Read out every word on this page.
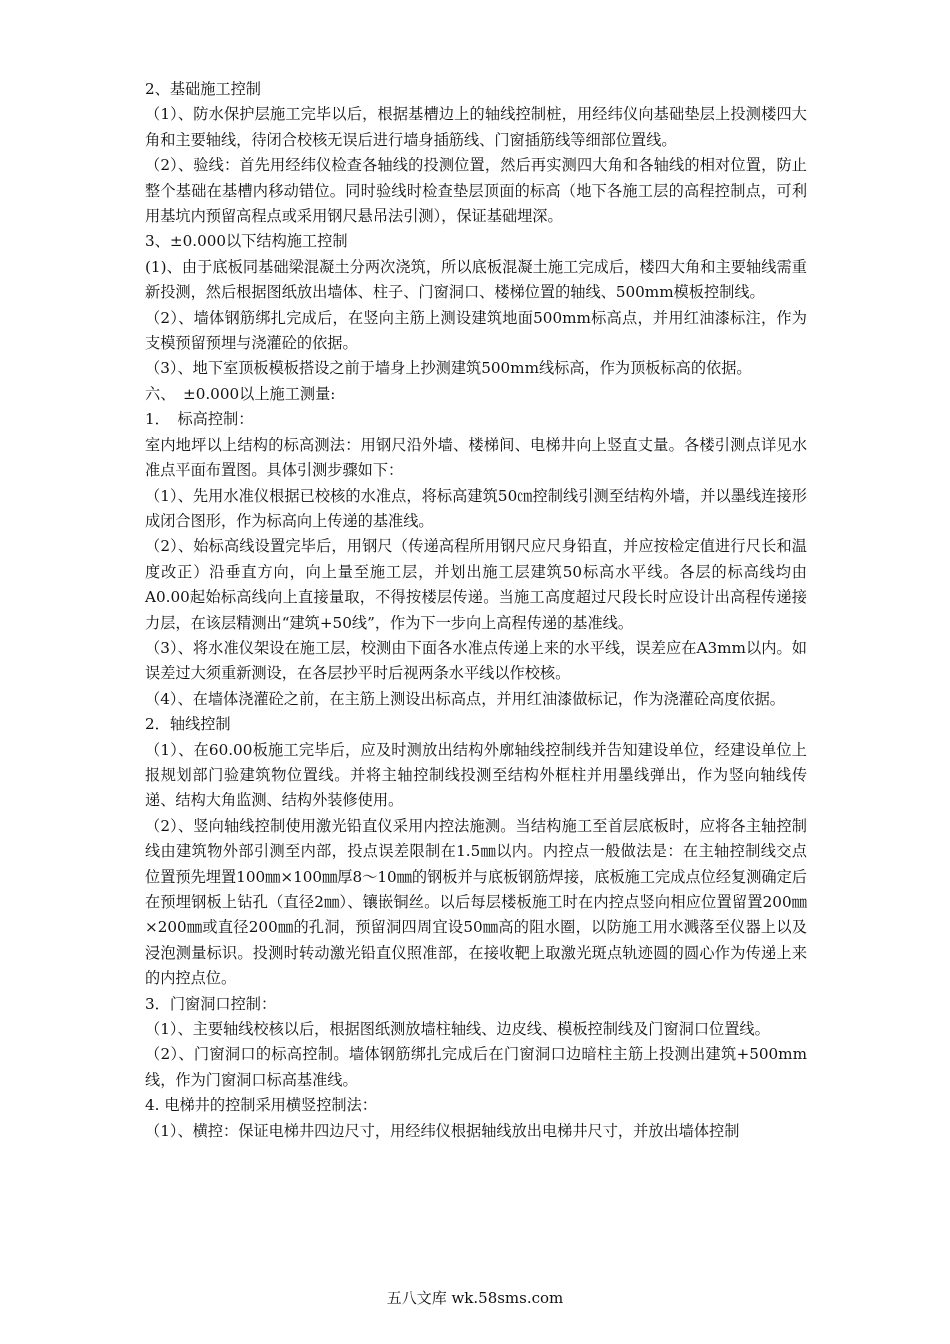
2、基础施工控制

（1）、防水保护层施工完毕以后，根据基槽边上的轴线控制桩，用经纬仪向基础垫层上投测楼四大角和主要轴线，待闭合校核无误后进行墙身插筋线、门窗插筋线等细部位置线。

（2）、验线：首先用经纬仪检查各轴线的投测位置，然后再实测四大角和各轴线的相对位置，防止整个基础在基槽内移动错位。同时验线时检查垫层顶面的标高（地下各施工层的高程控制点，可利用基坑内预留高程点或采用钢尺悬吊法引测），保证基础埋深。

3、±0.000以下结构施工控制

(1)、由于底板同基础梁混凝土分两次浇筑，所以底板混凝土施工完成后，楼四大角和主要轴线需重新投测，然后根据图纸放出墙体、柱子、门窗洞口、楼梯位置的轴线、500mm模板控制线。

（2）、墙体钢筋绑扎完成后，在竖向主筋上测设建筑地面500mm标高点，并用红油漆标注，作为支模预留预埋与浇灌砼的依据。

（3）、地下室顶板模板搭设之前于墙身上抄测建筑500mm线标高，作为顶板标高的依据。

六、　±0.000以上施工测量:

1．　标高控制：

室内地坪以上结构的标高测法：用钢尺沿外墙、楼梯间、电梯井向上竖直丈量。各楼引测点详见水准点平面布置图。具体引测步骤如下：

（1）、先用水准仪根据已校核的水准点，将标高建筑50㎝控制线引测至结构外墙，并以墨线连接形成闭合图形，作为标高向上传递的基准线。

（2）、始标高线设置完毕后，用钢尺（传递高程所用钢尺应尺身铅直，并应按检定值进行尺长和温度改正）沿垂直方向，向上量至施工层，并划出施工层建筑50标高水平线。各层的标高线均由A0.00起始标高线向上直接量取，不得按楼层传递。当施工高度超过尺段长时应设计出高程传递接力层，在该层精测出“建筑+50线”，作为下一步向上高程传递的基准线。

（3）、将水准仪架设在施工层，校测由下面各水准点传递上来的水平线，误差应在A3mm以内。如误差过大须重新测设，在各层抄平时后视两条水平线以作校核。

（4）、在墙体浇灌砼之前，在主筋上测设出标高点，并用红油漆做标记，作为浇灌砼高度依据。

2．轴线控制

（1）、在60.00板施工完毕后，应及时测放出结构外廓轴线控制线并告知建设单位，经建设单位上报规划部门验建筑物位置线。并将主轴控制线投测至结构外框柱并用墨线弹出，作为竖向轴线传递、结构大角监测、结构外装修使用。

（2）、竖向轴线控制使用激光铅直仪采用内控法施测。当结构施工至首层底板时，应将各主轴控制线由建筑物外部引测至内部，投点误差限制在1.5㎜以内。内控点一般做法是：在主轴控制线交点位置预先埋置100㎜×100㎜厚8～10㎜的钢板并与底板钢筋焊接，底板施工完成点位经复测确定后在预埋钢板上钻孔（直径2㎜）、镶嵌铜丝。以后每层楼板施工时在内控点竖向相应位置留置200㎜×200㎜或直径200㎜的孔洞，预留洞四周宜设50㎜高的阻水圈，以防施工用水溅落至仪器上以及浸泡测量标识。投测时转动激光铅直仪照准部，在接收靶上取激光斑点轨迹圆的圆心作为传递上来的内控点位。

3．门窗洞口控制：

（1）、主要轴线校核以后，根据图纸测放墙柱轴线、边皮线、模板控制线及门窗洞口位置线。

（2）、门窗洞口的标高控制。墙体钢筋绑扎完成后在门窗洞口边暗柱主筋上投测出建筑+500mm线，作为门窗洞口标高基准线。

4. 电梯井的控制采用横竖控制法：

（1）、横控：保证电梯井四边尺寸，用经纬仪根据轴线放出电梯井尺寸，并放出墙体控制

五八文库 wk.58sms.com
